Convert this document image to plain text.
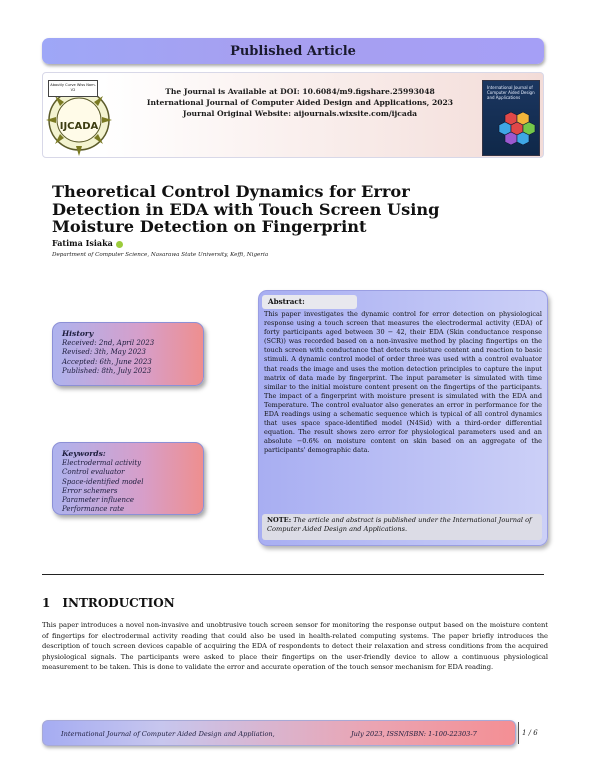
Published Article
Aboutly Curve Wiss Nom. V2
IJCADA
The Journal is Available at DOI: 10.6084/m9.figshare.25993048
International Journal of Computer Aided Design and Applications, 2023
Journal Original Website: aijournals.wixsite.com/ijcada
International Journal of Computer Aided Design and Applications
Theoretical Control Dynamics for Error Detection in EDA with Touch Screen Using Moisture Detection on Fingerprint
Fatima Isiaka
Department of Computer Science, Nasarawa State University, Keffi, Nigeria
History
Received: 2nd, April 2023
Revised: 3th, May 2023
Accepted: 6th, June 2023
Published: 8th, July 2023
Keywords:
Electrodermal activity
Control evaluator
Space-identified model
Error schemers
Parameter influence
Performance rate
Abstract:
This paper investigates the dynamic control for error detection on physiological response using a touch screen that measures the electrodermal activity (EDA) of forty participants aged between 30 − 42, their EDA (Skin conductance response (SCR)) was recorded based on a non-invasive method by placing fingertips on the touch screen with conductance that detects moisture content and reaction to basic stimuli. A dynamic control model of order three was used with a control evaluator that reads the image and uses the motion detection principles to capture the input matrix of data made by fingerprint. The input parameter is simulated with time similar to the initial moisture content present on the fingertips of the participants. The impact of a fingerprint with moisture present is simulated with the EDA and Temperature. The control evaluator also generates an error in performance for the EDA readings using a schematic sequence which is typical of all control dynamics that uses space space-identified model (N4Sid) with a third-order differential equation. The result shows zero error for physiological parameters used and an absolute −0.6% on moisture content on skin based on an aggregate of the participants' demographic data.
NOTE: The article and abstract is published under the International Journal of Computer Aided Design and Applications.
1 INTRODUCTION
This paper introduces a novel non-invasive and unobtrusive touch screen sensor for monitoring the response output based on the moisture content of fingertips for electrodermal activity reading that could also be used in health-related computing systems. The paper briefly introduces the description of touch screen devices capable of acquiring the EDA of respondents to detect their relaxation and stress conditions from the acquired physiological signals. The participants were asked to place their fingertips on the user-friendly device to allow a continuous physiological measurement to be taken. This is done to validate the error and accurate operation of the touch sensor mechanism for EDA reading.
International Journal of Computer Aided Design and Appliation,	July 2023, ISSN/ISBN: 1-100-22303-7	1 / 6
